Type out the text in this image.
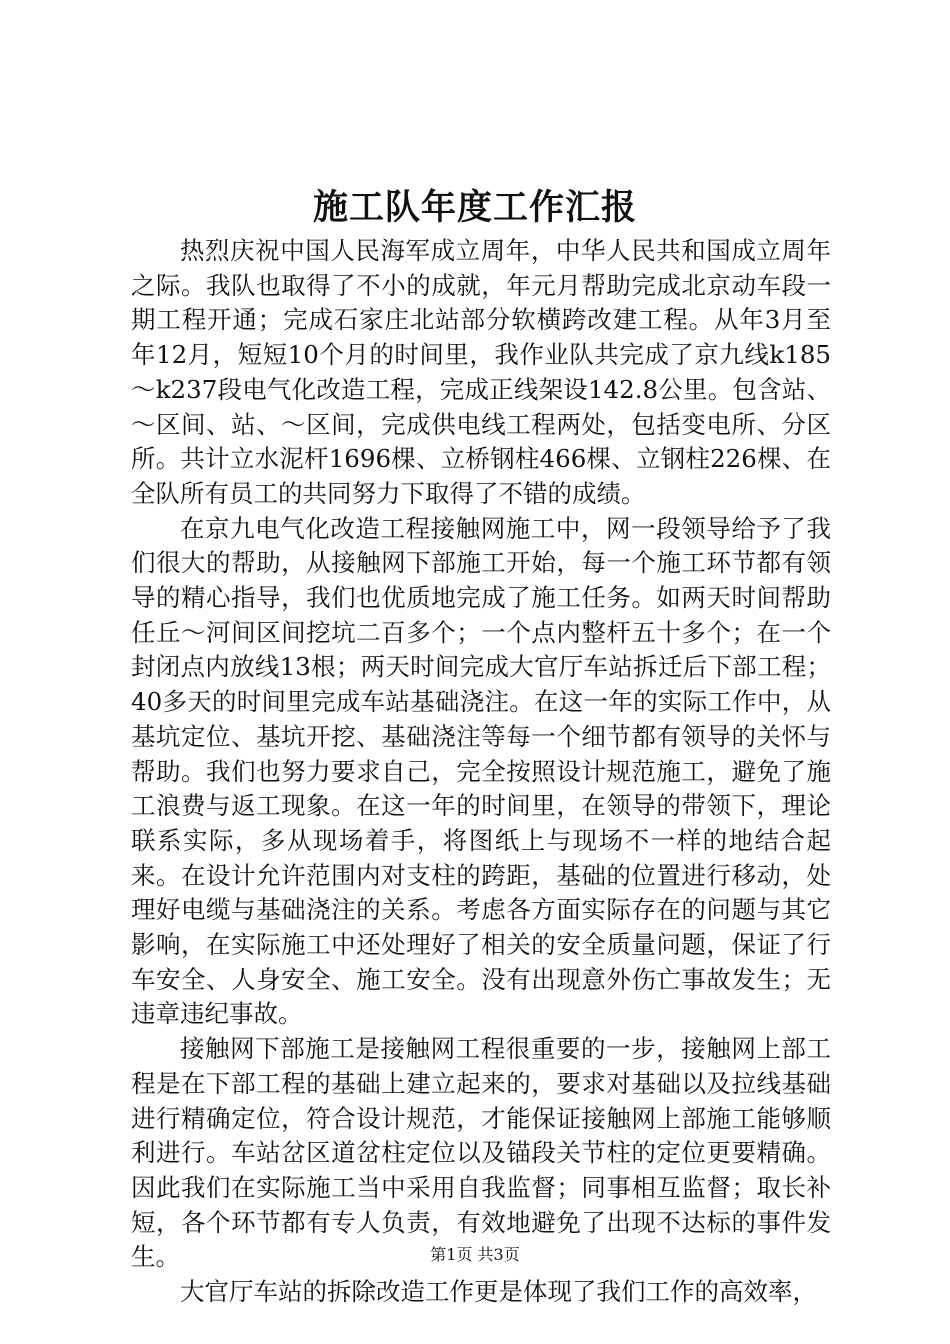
施工队年度工作汇报

热烈庆祝中国人民海军成立周年，中华人民共和国成立周年之际。我队也取得了不小的成就，年元月帮助完成北京动车段一期工程开通；完成石家庄北站部分软横跨改建工程。从年3月至年12月，短短10个月的时间里，我作业队共完成了京九线k185～k237段电气化改造工程，完成正线架设142.8公里。包含站、～区间、站、～区间，完成供电线工程两处，包括变电所、分区所。共计立水泥杆1696棵、立桥钢柱466棵、立钢柱226棵、在全队所有员工的共同努力下取得了不错的成绩。

在京九电气化改造工程接触网施工中，网一段领导给予了我们很大的帮助，从接触网下部施工开始，每一个施工环节都有领导的精心指导，我们也优质地完成了施工任务。如两天时间帮助任丘～河间区间挖坑二百多个；一个点内整杆五十多个；在一个封闭点内放线13根；两天时间完成大官厅车站拆迁后下部工程；40多天的时间里完成车站基础浇注。在这一年的实际工作中，从基坑定位、基坑开挖、基础浇注等每一个细节都有领导的关怀与帮助。我们也努力要求自己，完全按照设计规范施工，避免了施工浪费与返工现象。在这一年的时间里，在领导的带领下，理论联系实际，多从现场着手，将图纸上与现场不一样的地结合起来。在设计允许范围内对支柱的跨距，基础的位置进行移动，处理好电缆与基础浇注的关系。考虑各方面实际存在的问题与其它影响，在实际施工中还处理好了相关的安全质量问题，保证了行车安全、人身安全、施工安全。没有出现意外伤亡事故发生；无违章违纪事故。

接触网下部施工是接触网工程很重要的一步，接触网上部工程是在下部工程的基础上建立起来的，要求对基础以及拉线基础进行精确定位，符合设计规范，才能保证接触网上部施工能够顺利进行。车站岔区道岔柱定位以及锚段关节柱的定位更要精确。因此我们在实际施工当中采用自我监督；同事相互监督；取长补短，各个环节都有专人负责，有效地避免了出现不达标的事件发生。

大官厅车站的拆除改造工作更是体现了我们工作的高效率，

第1页 共3页
